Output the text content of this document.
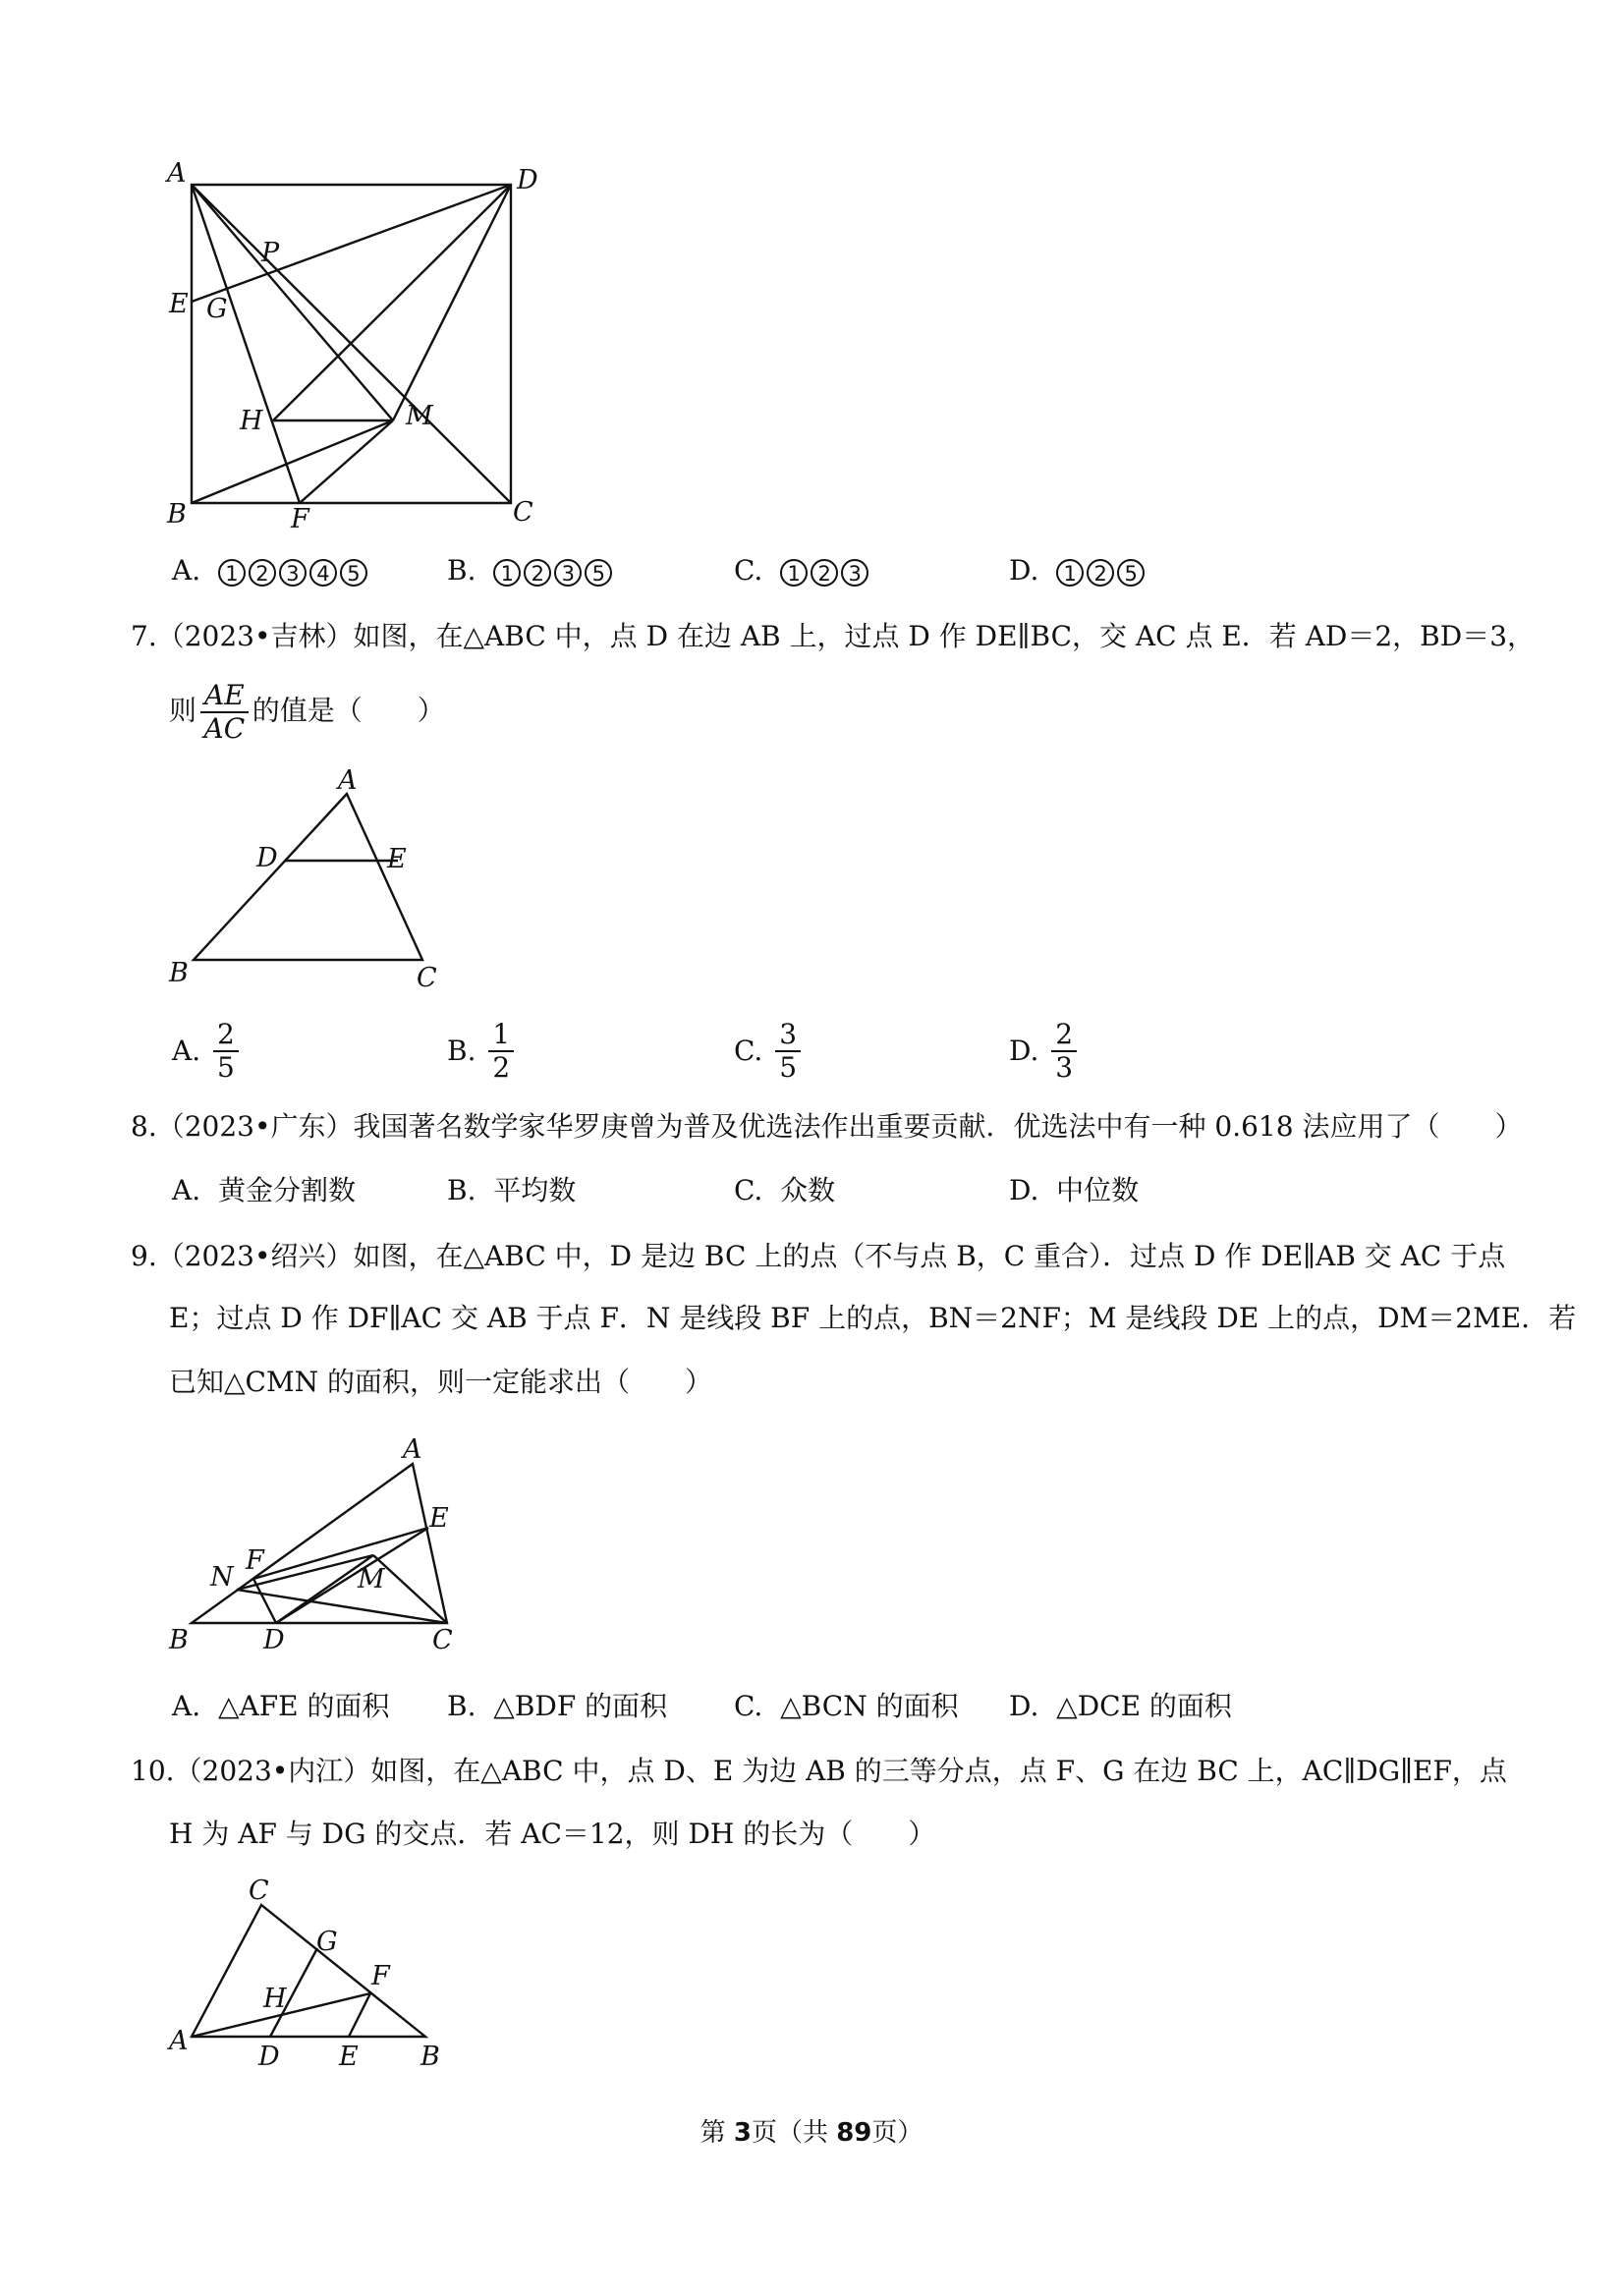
A	D
P
E G
H	M
B	F	C
A. 1 2 3 4 5	B. 1 2 3 5	C. 1 2 3	D. 1 2 5
7.（2023•吉林）如图，在△ABC 中，点 D 在边 AB 上，过点 D 作 DE∥BC，交 AC 点 E．若 AD＝2，BD＝3，
则 $\frac{AE}{AC}$ 的值是（　　）
A
D	E
B	C
A. $\frac{2}{5}$	B. $\frac{1}{2}$	C. $\frac{3}{5}$	D. $\frac{2}{3}$
8.（2023•广东）我国著名数学家华罗庚曾为普及优选法作出重要贡献．优选法中有一种 0.618 法应用了（　　）
A. 黄金分割数	B. 平均数	C. 众数	D. 中位数
9.（2023•绍兴）如图，在△ABC 中，D 是边 BC 上的点（不与点 B，C 重合）．过点 D 作 DE∥AB 交 AC 于点
E；过点 D 作 DF∥AC 交 AB 于点 F．N 是线段 BF 上的点，BN＝2NF；M 是线段 DE 上的点，DM＝2ME．若
已知△CMN 的面积，则一定能求出（　　）
A
E
F
N	M
B	D	C
A. △AFE 的面积 B. △BDF 的面积 C. △BCN 的面积 D. △DCE 的面积
10.（2023•内江）如图，在△ABC 中，点 D、E 为边 AB 的三等分点，点 F、G 在边 BC 上，AC∥DG∥EF，点
H 为 AF 与 DG 的交点．若 AC＝12，则 DH 的长为（　　）
C
G
F
H
A
D E B
第 3页（共 89页）
